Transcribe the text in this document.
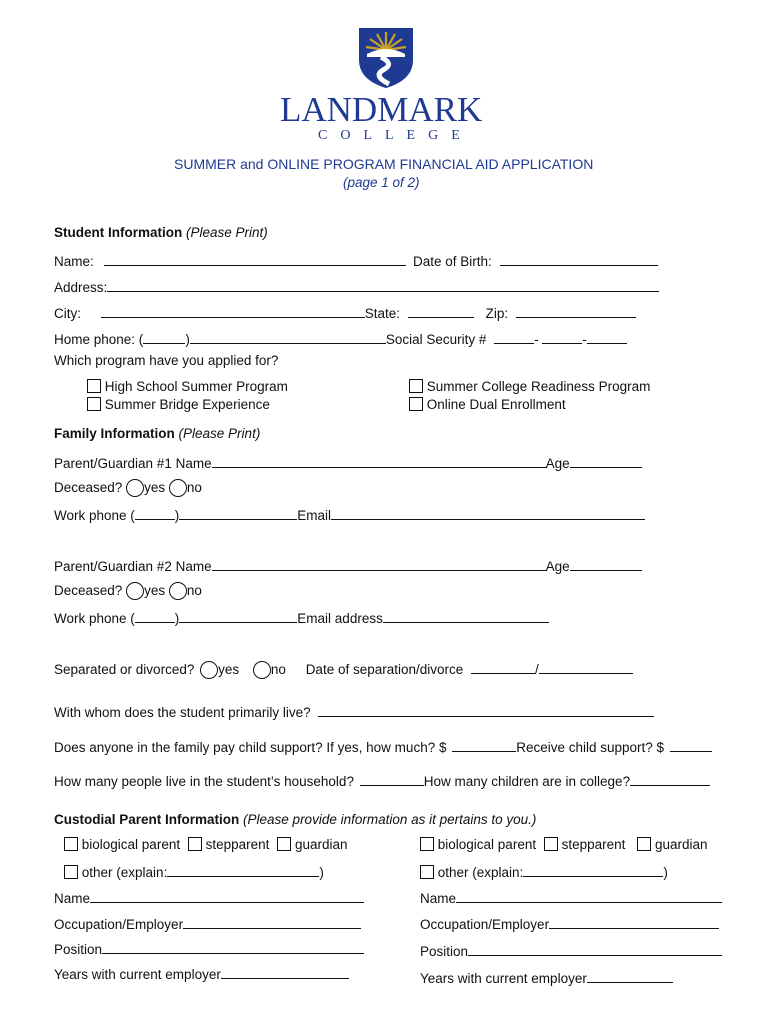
LANDMARK
COLLEGE
SUMMER and ONLINE PROGRAM FINANCIAL AID APPLICATION
(page 1 of 2)
Student Information (Please Print)
Name:	Date of Birth:
Address:
City:	State:	Zip:
Home phone: (	)	Social Security #	-	-
Which program have you applied for?
High School Summer Program
Summer Bridge Experience
Summer College Readiness Program
Online Dual Enrollment
Family Information (Please Print)
Parent/Guardian #1 Name	Age
Deceased? yes no
Work phone (	)	Email
Parent/Guardian #2 Name	Age
Deceased? yes no
Work phone (	)	Email address
Separated or divorced? yes no Date of separation/divorce	/
With whom does the student primarily live?
Does anyone in the family pay child support? If yes, how much? $	Receive child support? $
How many people live in the student’s household?	How many children are in college?
Custodial Parent Information (Please provide information as it pertains to you.)
biological parent stepparent guardian
other (explain:	)
Name
Occupation/Employer
Position
Years with current employer
biological parent stepparent guardian
other (explain:	)
Name
Occupation/Employer
Position
Years with current employer
